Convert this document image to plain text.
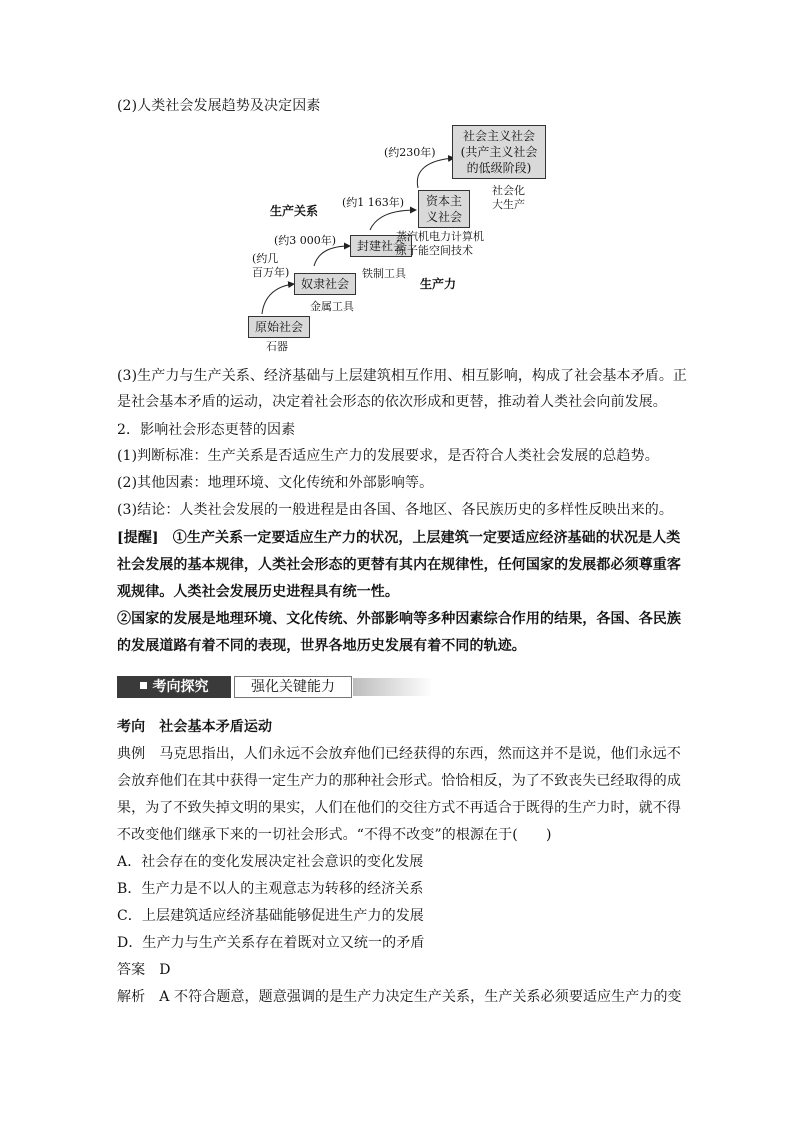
(2)人类社会发展趋势及决定因素
原始社会
奴隶社会
封建社会
资本主
义社会
社会主义社会
(共产主义社会
的低级阶段)
(约几
百万年)
(约3 000年)
(约1 163年)
(约230年)
石器
金属工具
铁制工具
蒸汽机电力计算机
原子能空间技术
社会化
大生产
生产关系
生产力
(3)生产力与生产关系、经济基础与上层建筑相互作用、相互影响，构成了社会基本矛盾。正
是社会基本矛盾的运动，决定着社会形态的依次形成和更替，推动着人类社会向前发展。
2．影响社会形态更替的因素
(1)判断标准：生产关系是否适应生产力的发展要求，是否符合人类社会发展的总趋势。
(2)其他因素：地理环境、文化传统和外部影响等。
(3)结论：人类社会发展的一般进程是由各国、各地区、各民族历史的多样性反映出来的。
[提醒]　①生产关系一定要适应生产力的状况，上层建筑一定要适应经济基础的状况是人类
社会发展的基本规律，人类社会形态的更替有其内在规律性，任何国家的发展都必须尊重客
观规律。人类社会发展历史进程具有统一性。
②国家的发展是地理环境、文化传统、外部影响等多种因素综合作用的结果，各国、各民族
的发展道路有着不同的表现，世界各地历史发展有着不同的轨迹。
考向探究	强化关键能力
考向　社会基本矛盾运动
典例　马克思指出，人们永远不会放弃他们已经获得的东西，然而这并不是说，他们永远不
会放弃他们在其中获得一定生产力的那种社会形式。恰恰相反，为了不致丧失已经取得的成
果，为了不致失掉文明的果实，人们在他们的交往方式不再适合于既得的生产力时，就不得
不改变他们继承下来的一切社会形式。“不得不改变”的根源在于(　　)
A．社会存在的变化发展决定社会意识的变化发展
B．生产力是不以人的主观意志为转移的经济关系
C．上层建筑适应经济基础能够促进生产力的发展
D．生产力与生产关系存在着既对立又统一的矛盾
答案　D
解析　A 不符合题意，题意强调的是生产力决定生产关系，生产关系必须要适应生产力的变
